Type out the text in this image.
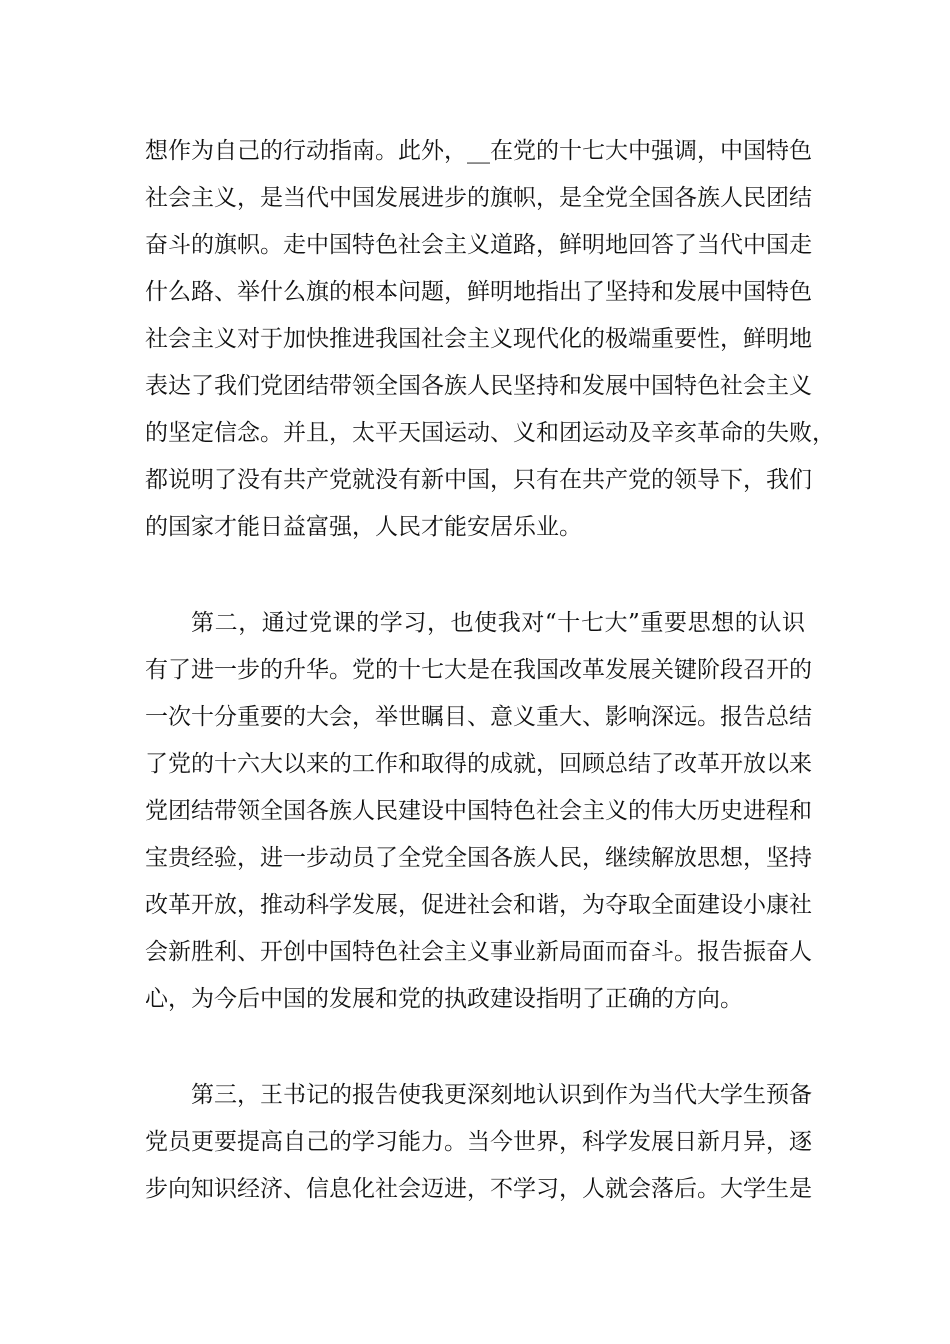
想作为自己的行动指南。此外，__在党的十七大中强调，中国特色
社会主义，是当代中国发展进步的旗帜，是全党全国各族人民团结
奋斗的旗帜。走中国特色社会主义道路，鲜明地回答了当代中国走
什么路、举什么旗的根本问题，鲜明地指出了坚持和发展中国特色
社会主义对于加快推进我国社会主义现代化的极端重要性，鲜明地
表达了我们党团结带领全国各族人民坚持和发展中国特色社会主义
的坚定信念。并且，太平天国运动、义和团运动及辛亥革命的失败，
都说明了没有共产党就没有新中国，只有在共产党的领导下，我们
的国家才能日益富强，人民才能安居乐业。
第二，通过党课的学习，也使我对“十七大”重要思想的认识
有了进一步的升华。党的十七大是在我国改革发展关键阶段召开的
一次十分重要的大会，举世瞩目、意义重大、影响深远。报告总结
了党的十六大以来的工作和取得的成就，回顾总结了改革开放以来
党团结带领全国各族人民建设中国特色社会主义的伟大历史进程和
宝贵经验，进一步动员了全党全国各族人民，继续解放思想，坚持
改革开放，推动科学发展，促进社会和谐，为夺取全面建设小康社
会新胜利、开创中国特色社会主义事业新局面而奋斗。报告振奋人
心，为今后中国的发展和党的执政建设指明了正确的方向。
第三，王书记的报告使我更深刻地认识到作为当代大学生预备
党员更要提高自己的学习能力。当今世界，科学发展日新月异，逐
步向知识经济、信息化社会迈进，不学习，人就会落后。大学生是
